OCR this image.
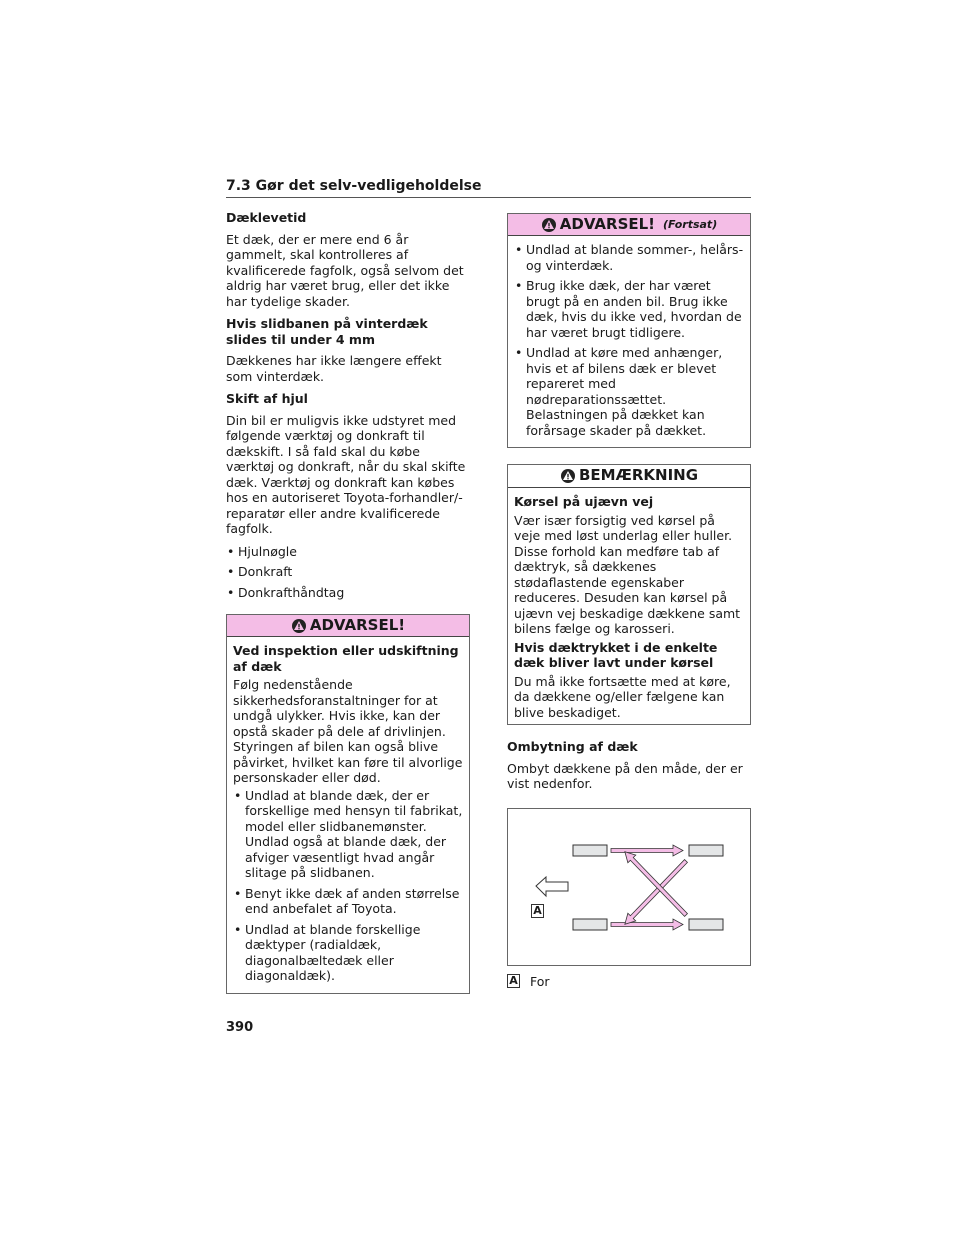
7.3 Gør det selv-vedligeholdelse
Dæklevetid
Et dæk, der er mere end 6 år gammelt, skal kontrolleres af kvalificerede fagfolk, også selvom det aldrig har været brug, eller det ikke har tydelige skader.
Hvis slidbanen på vinterdæk slides til under 4 mm
Dækkenes har ikke længere effekt som vinterdæk.
Skift af hjul
Din bil er muligvis ikke udstyret med følgende værktøj og donkraft til dækskift. I så fald skal du købe værktøj og donkraft, når du skal skifte dæk. Værktøj og donkraft kan købes hos en autoriseret Toyota-forhandler/-reparatør eller andre kvalificerede fagfolk.
• Hjulnøgle
• Donkraft
• Donkrafthåndtag
ADVARSEL!
Ved inspektion eller udskiftning af dæk
Følg nedenstående sikkerhedsforanstaltninger for at undgå ulykker. Hvis ikke, kan der opstå skader på dele af drivlinjen. Styringen af bilen kan også blive påvirket, hvilket kan føre til alvorlige personskader eller død.
• Undlad at blande dæk, der er forskellige med hensyn til fabrikat, model eller slidbanemønster. Undlad også at blande dæk, der afviger væsentligt hvad angår slitage på slidbanen.
• Benyt ikke dæk af anden størrelse end anbefalet af Toyota.
• Undlad at blande forskellige dæktyper (radialdæk, diagonalbæltedæk eller diagonaldæk).
ADVARSEL! (Fortsat)
• Undlad at blande sommer-, helårs- og vinterdæk.
• Brug ikke dæk, der har været brugt på en anden bil. Brug ikke dæk, hvis du ikke ved, hvordan de har været brugt tidligere.
• Undlad at køre med anhænger, hvis et af bilens dæk er blevet repareret med nødreparationssættet. Belastningen på dækket kan forårsage skader på dækket.
BEMÆRKNING
Kørsel på ujævn vej
Vær især forsigtig ved kørsel på veje med løst underlag eller huller. Disse forhold kan medføre tab af dæktryk, så dækkenes stødaflastende egenskaber reduceres. Desuden kan kørsel på ujævn vej beskadige dækkene samt bilens fælge og karosseri.
Hvis dæktrykket i de enkelte dæk bliver lavt under kørsel
Du må ikke fortsætte med at køre, da dækkene og/eller fælgene kan blive beskadiget.
Ombytning af dæk
Ombyt dækkene på den måde, der er vist nedenfor.
A
A For
390
